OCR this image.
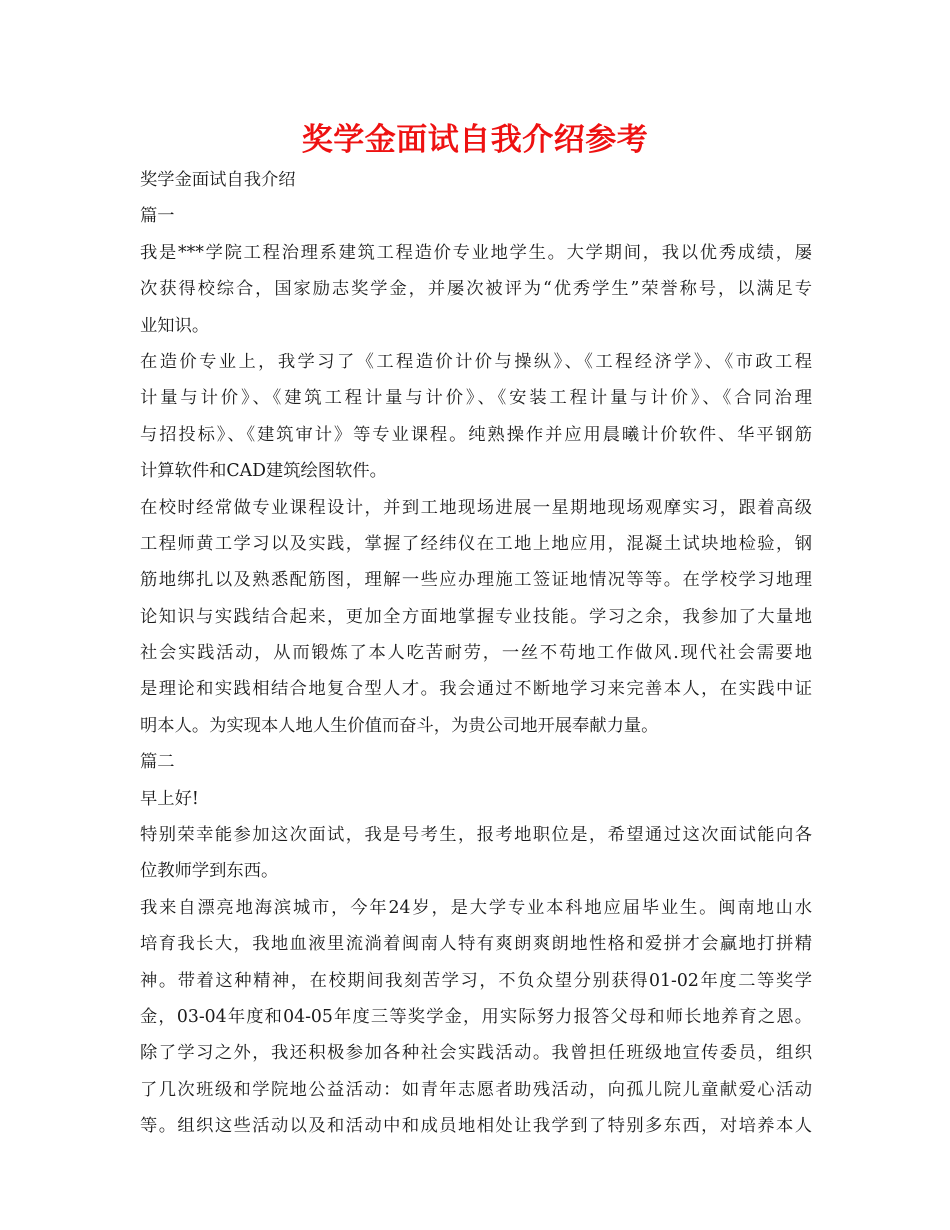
奖学金面试自我介绍参考
奖学金面试自我介绍
篇一
我是***学院工程治理系建筑工程造价专业地学生。大学期间，我以优秀成绩，屡
次获得校综合，国家励志奖学金，并屡次被评为“优秀学生”荣誉称号，以满足专
业知识。
在造价专业上，我学习了《工程造价计价与操纵》、《工程经济学》、《市政工程
计量与计价》、《建筑工程计量与计价》、《安装工程计量与计价》、《合同治理
与招投标》、《建筑审计》等专业课程。纯熟操作并应用晨曦计价软件、华平钢筋
计算软件和CAD建筑绘图软件。
在校时经常做专业课程设计，并到工地现场进展一星期地现场观摩实习，跟着高级
工程师黄工学习以及实践，掌握了经纬仪在工地上地应用，混凝土试块地检验，钢
筋地绑扎以及熟悉配筋图，理解一些应办理施工签证地情况等等。在学校学习地理
论知识与实践结合起来，更加全方面地掌握专业技能。学习之余，我参加了大量地
社会实践活动，从而锻炼了本人吃苦耐劳，一丝不苟地工作做风.现代社会需要地
是理论和实践相结合地复合型人才。我会通过不断地学习来完善本人，在实践中证
明本人。为实现本人地人生价值而奋斗，为贵公司地开展奉献力量。
篇二
早上好!
特别荣幸能参加这次面试，我是号考生，报考地职位是，希望通过这次面试能向各
位教师学到东西。
我来自漂亮地海滨城市，今年24岁，是大学专业本科地应届毕业生。闽南地山水
培育我长大，我地血液里流淌着闽南人特有爽朗爽朗地性格和爱拼才会赢地打拼精
神。带着这种精神，在校期间我刻苦学习，不负众望分别获得01-02年度二等奖学
金，03-04年度和04-05年度三等奖学金，用实际努力报答父母和师长地养育之恩。
除了学习之外，我还积极参加各种社会实践活动。我曾担任班级地宣传委员，组织
了几次班级和学院地公益活动：如青年志愿者助残活动，向孤儿院儿童献爱心活动
等。组织这些活动以及和活动中和成员地相处让我学到了特别多东西，对培养本人
